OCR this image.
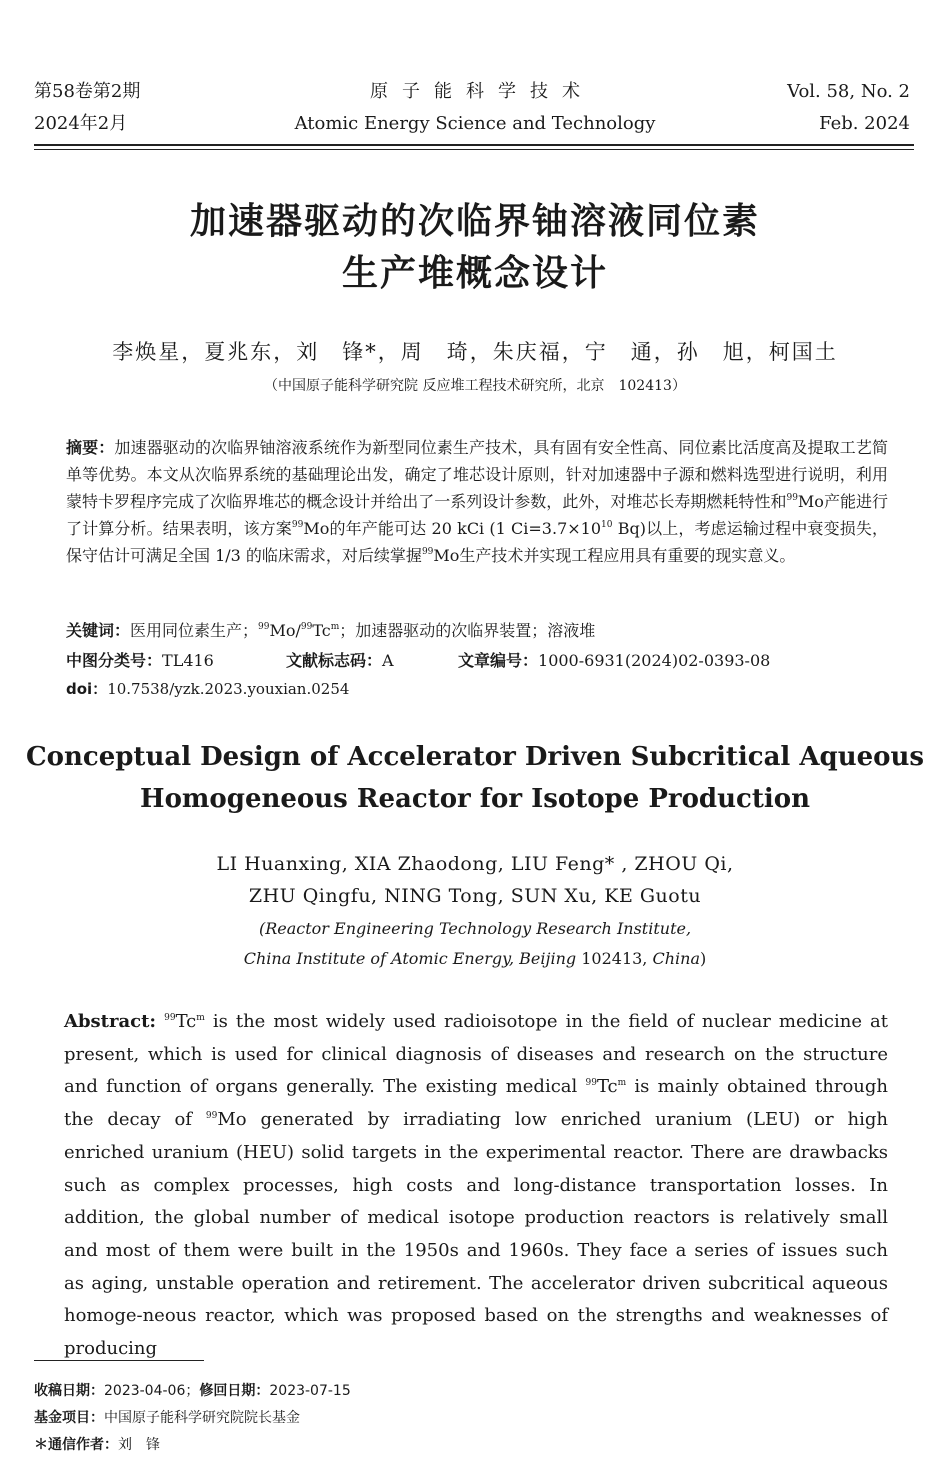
第58卷第2期
2024年2月
原子能科学技术
Atomic Energy Science and Technology
Vol. 58, No. 2
Feb. 2024
加速器驱动的次临界铀溶液同位素
生产堆概念设计
李焕星，夏兆东，刘　锋*，周　琦，朱庆福，宁　通，孙　旭，柯国土
（中国原子能科学研究院 反应堆工程技术研究所，北京　102413）
摘要：加速器驱动的次临界铀溶液系统作为新型同位素生产技术，具有固有安全性高、同位素比活度高及提取工艺简单等优势。本文从次临界系统的基础理论出发，确定了堆芯设计原则，针对加速器中子源和燃料选型进行说明，利用蒙特卡罗程序完成了次临界堆芯的概念设计并给出了一系列设计参数，此外，对堆芯长寿期燃耗特性和$^{99}$Mo产能进行了计算分析。结果表明，该方案$^{99}$Mo的年产能可达 20 kCi (1 $Ci=3.7\times 10^{10}$ Bq)以上，考虑运输过程中衰变损失，保守估计可满足全国 1/3 的临床需求，对后续掌握$^{99}$Mo生产技术并实现工程应用具有重要的现实意义。
关键词：医用同位素生产；$^{99}$Mo/$^{99}$Tc$^m$；加速器驱动的次临界装置；溶液堆
中图分类号：TL416	文献标志码：A	文章编号：1000-6931(2024)02-0393-08
doi：10.7538/yzk.2023.youxian.0254
Conceptual Design of Accelerator Driven Subcritical Aqueous
Homogeneous Reactor for Isotope Production
LI Huanxing, XIA Zhaodong, LIU Feng* , ZHOU Qi,
ZHU Qingfu, NING Tong, SUN Xu, KE Guotu
(Reactor Engineering Technology Research Institute,
China Institute of Atomic Energy, Beijing 102413, China)
Abstract: $^{99}$Tc$^m$ is the most widely used radioisotope in the field of nuclear medicine at present, which is used for clinical diagnosis of diseases and research on the structure and function of organs generally. The existing medical $^{99}$Tc$^m$ is mainly obtained through the decay of $^{99}$Mo generated by irradiating low enriched uranium (LEU) or high enriched uranium (HEU) solid targets in the experimental reactor. There are drawbacks such as complex processes, high costs and long-distance transportation losses. In addition, the global number of medical isotope production reactors is relatively small and most of them were built in the 1950s and 1960s. They face a series of issues such as aging, unstable operation and retirement. The accelerator driven subcritical aqueous homoge-neous reactor, which was proposed based on the strengths and weaknesses of producing
收稿日期：2023-04-06；修回日期：2023-07-15
基金项目：中国原子能科学研究院院长基金
＊通信作者：刘　锋
